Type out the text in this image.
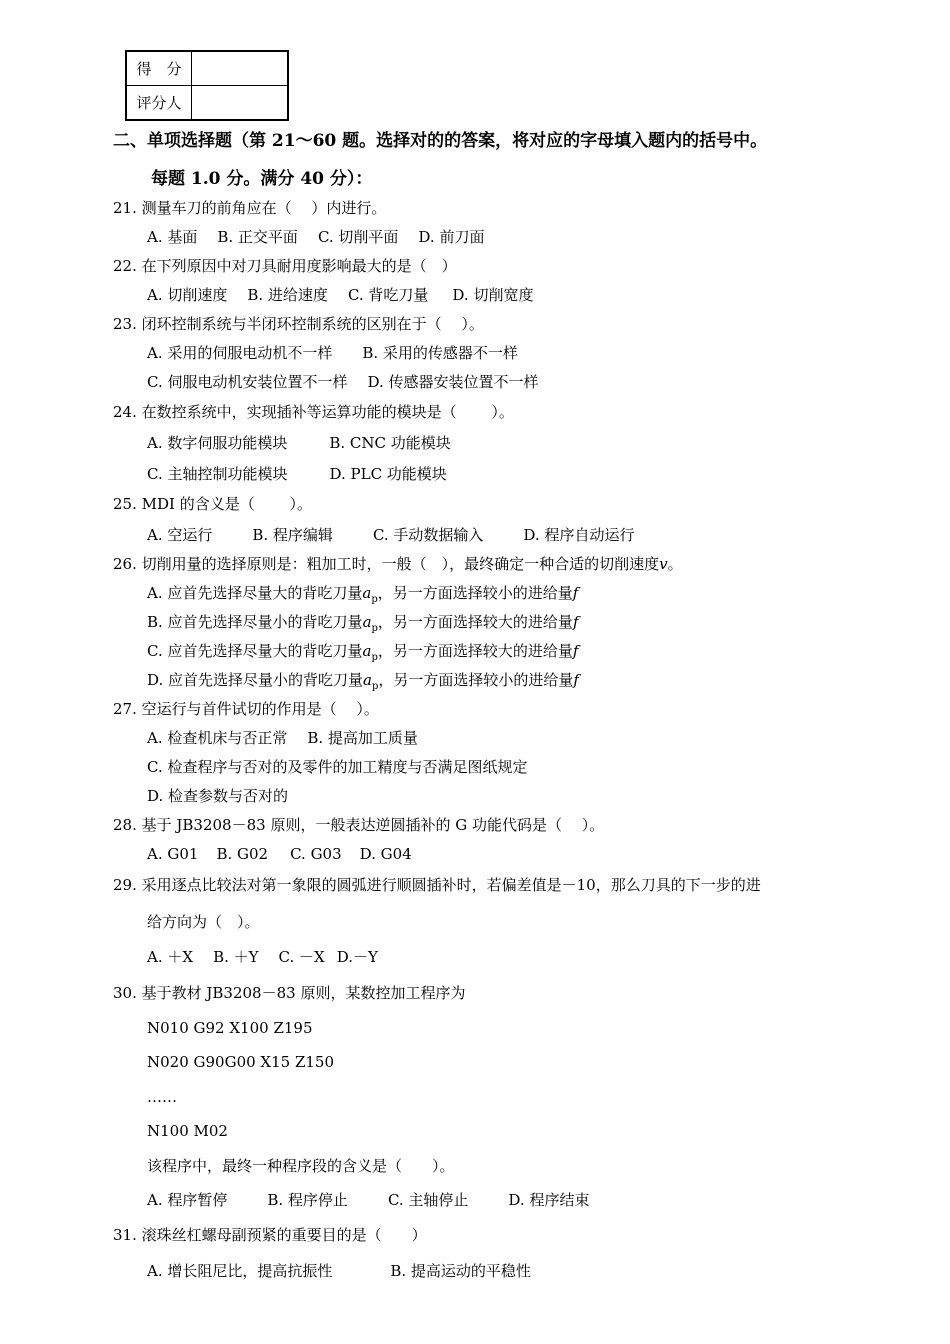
得　分	
评分人	
二、单项选择题（第 21～60 题。选择对的的答案，将对应的字母填入题内的括号中。
每题 1.0 分。满分 40 分）：
21. 测量车刀的前角应在（　 ）内进行。
A. 基面 B. 正交平面 C. 切削平面 D. 前刀面
22. 在下列原因中对刀具耐用度影响最大的是（　）
A. 切削速度 B. 进给速度 C. 背吃刀量 D. 切削宽度
23. 闭环控制系统与半闭环控制系统的区别在于（　 ）。
A. 采用的伺服电动机不一样 B. 采用的传感器不一样
C. 伺服电动机安装位置不一样 D. 传感器安装位置不一样
24. 在数控系统中，实现插补等运算功能的模块是（　　 ）。
A. 数字伺服功能模块	B. CNC 功能模块
C. 主轴控制功能模块	D. PLC 功能模块
25. MDI 的含义是（　　 ）。
A. 空运行	B. 程序编辑	C. 手动数据输入	D. 程序自动运行
26. 切削用量的选择原则是：粗加工时，一般（　），最终确定一种合适的切削速度v。
A. 应首先选择尽量大的背吃刀量$a_p$，另一方面选择较小的进给量f
B. 应首先选择尽量小的背吃刀量$a_p$，另一方面选择较大的进给量f
C. 应首先选择尽量大的背吃刀量$a_p$，另一方面选择较大的进给量f
D. 应首先选择尽量小的背吃刀量$a_p$，另一方面选择较小的进给量f
27. 空运行与首件试切的作用是（　 ）。
A. 检查机床与否正常 B. 提高加工质量
C. 检查程序与否对的及零件的加工精度与否满足图纸规定
D. 检查参数与否对的
28. 基于 JB3208－83 原则，一般表达逆圆插补的 G 功能代码是（　 ）。
A. G01 B. G02 C. G03 D. G04
29. 采用逐点比较法对第一象限的圆弧进行顺圆插补时，若偏差值是－10，那么刀具的下一步的进
给方向为（　）。
A. ＋X B. ＋Y C. －X D.－Y
30. 基于教材 JB3208－83 原则，某数控加工程序为
N010 G92 X100 Z195
N020 G90G00 X15 Z150
……
N100 M02
该程序中，最终一种程序段的含义是（　　）。
A. 程序暂停	B. 程序停止	C. 主轴停止	D. 程序结束
31. 滚珠丝杠螺母副预紧的重要目的是（　　）
A. 增长阻尼比，提高抗振性	B. 提高运动的平稳性
